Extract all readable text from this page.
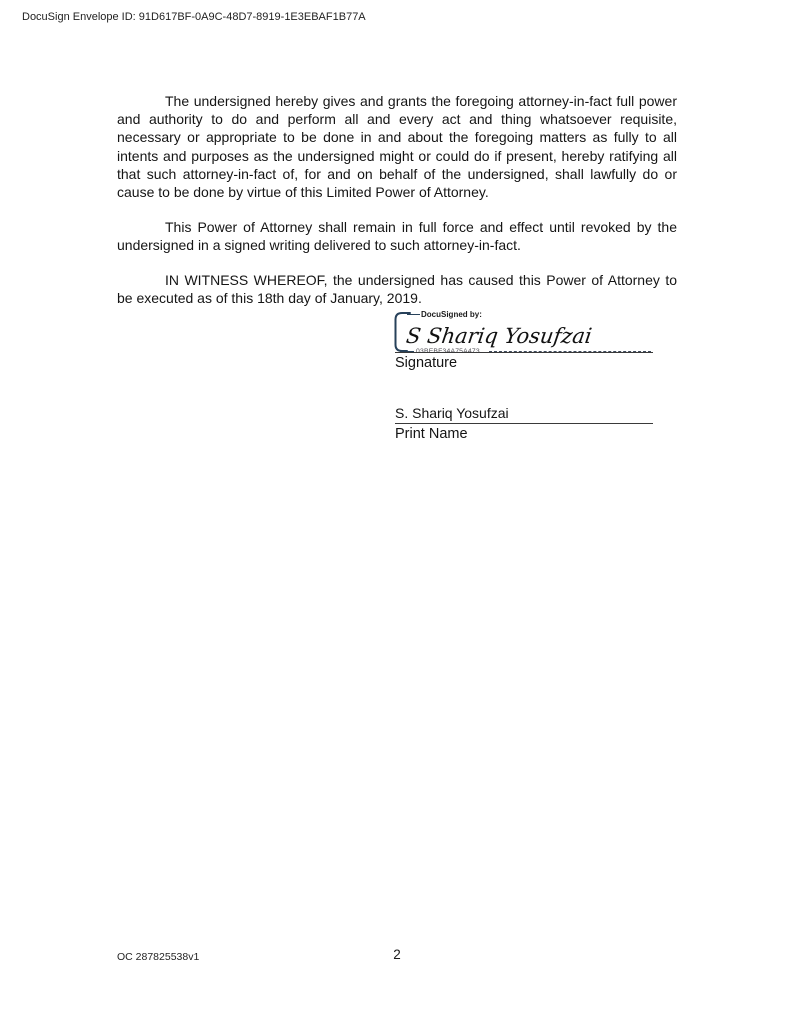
DocuSign Envelope ID: 91D617BF-0A9C-48D7-8919-1E3EBAF1B77A

The undersigned hereby gives and grants the foregoing attorney-in-fact full power and authority to do and perform all and every act and thing whatsoever requisite, necessary or appropriate to be done in and about the foregoing matters as fully to all intents and purposes as the undersigned might or could do if present, hereby ratifying all that such attorney-in-fact of, for and on behalf of the undersigned, shall lawfully do or cause to be done by virtue of this Limited Power of Attorney.

This Power of Attorney shall remain in full force and effect until revoked by the undersigned in a signed writing delivered to such attorney-in-fact.

IN WITNESS WHEREOF, the undersigned has caused this Power of Attorney to be executed as of this 18th day of January, 2019.

DocuSigned by:
S Shariq Yosufzai
03BEBF34A75A473...
Signature
S. Shariq Yosufzai
Print Name
2
OC 287825538v1
